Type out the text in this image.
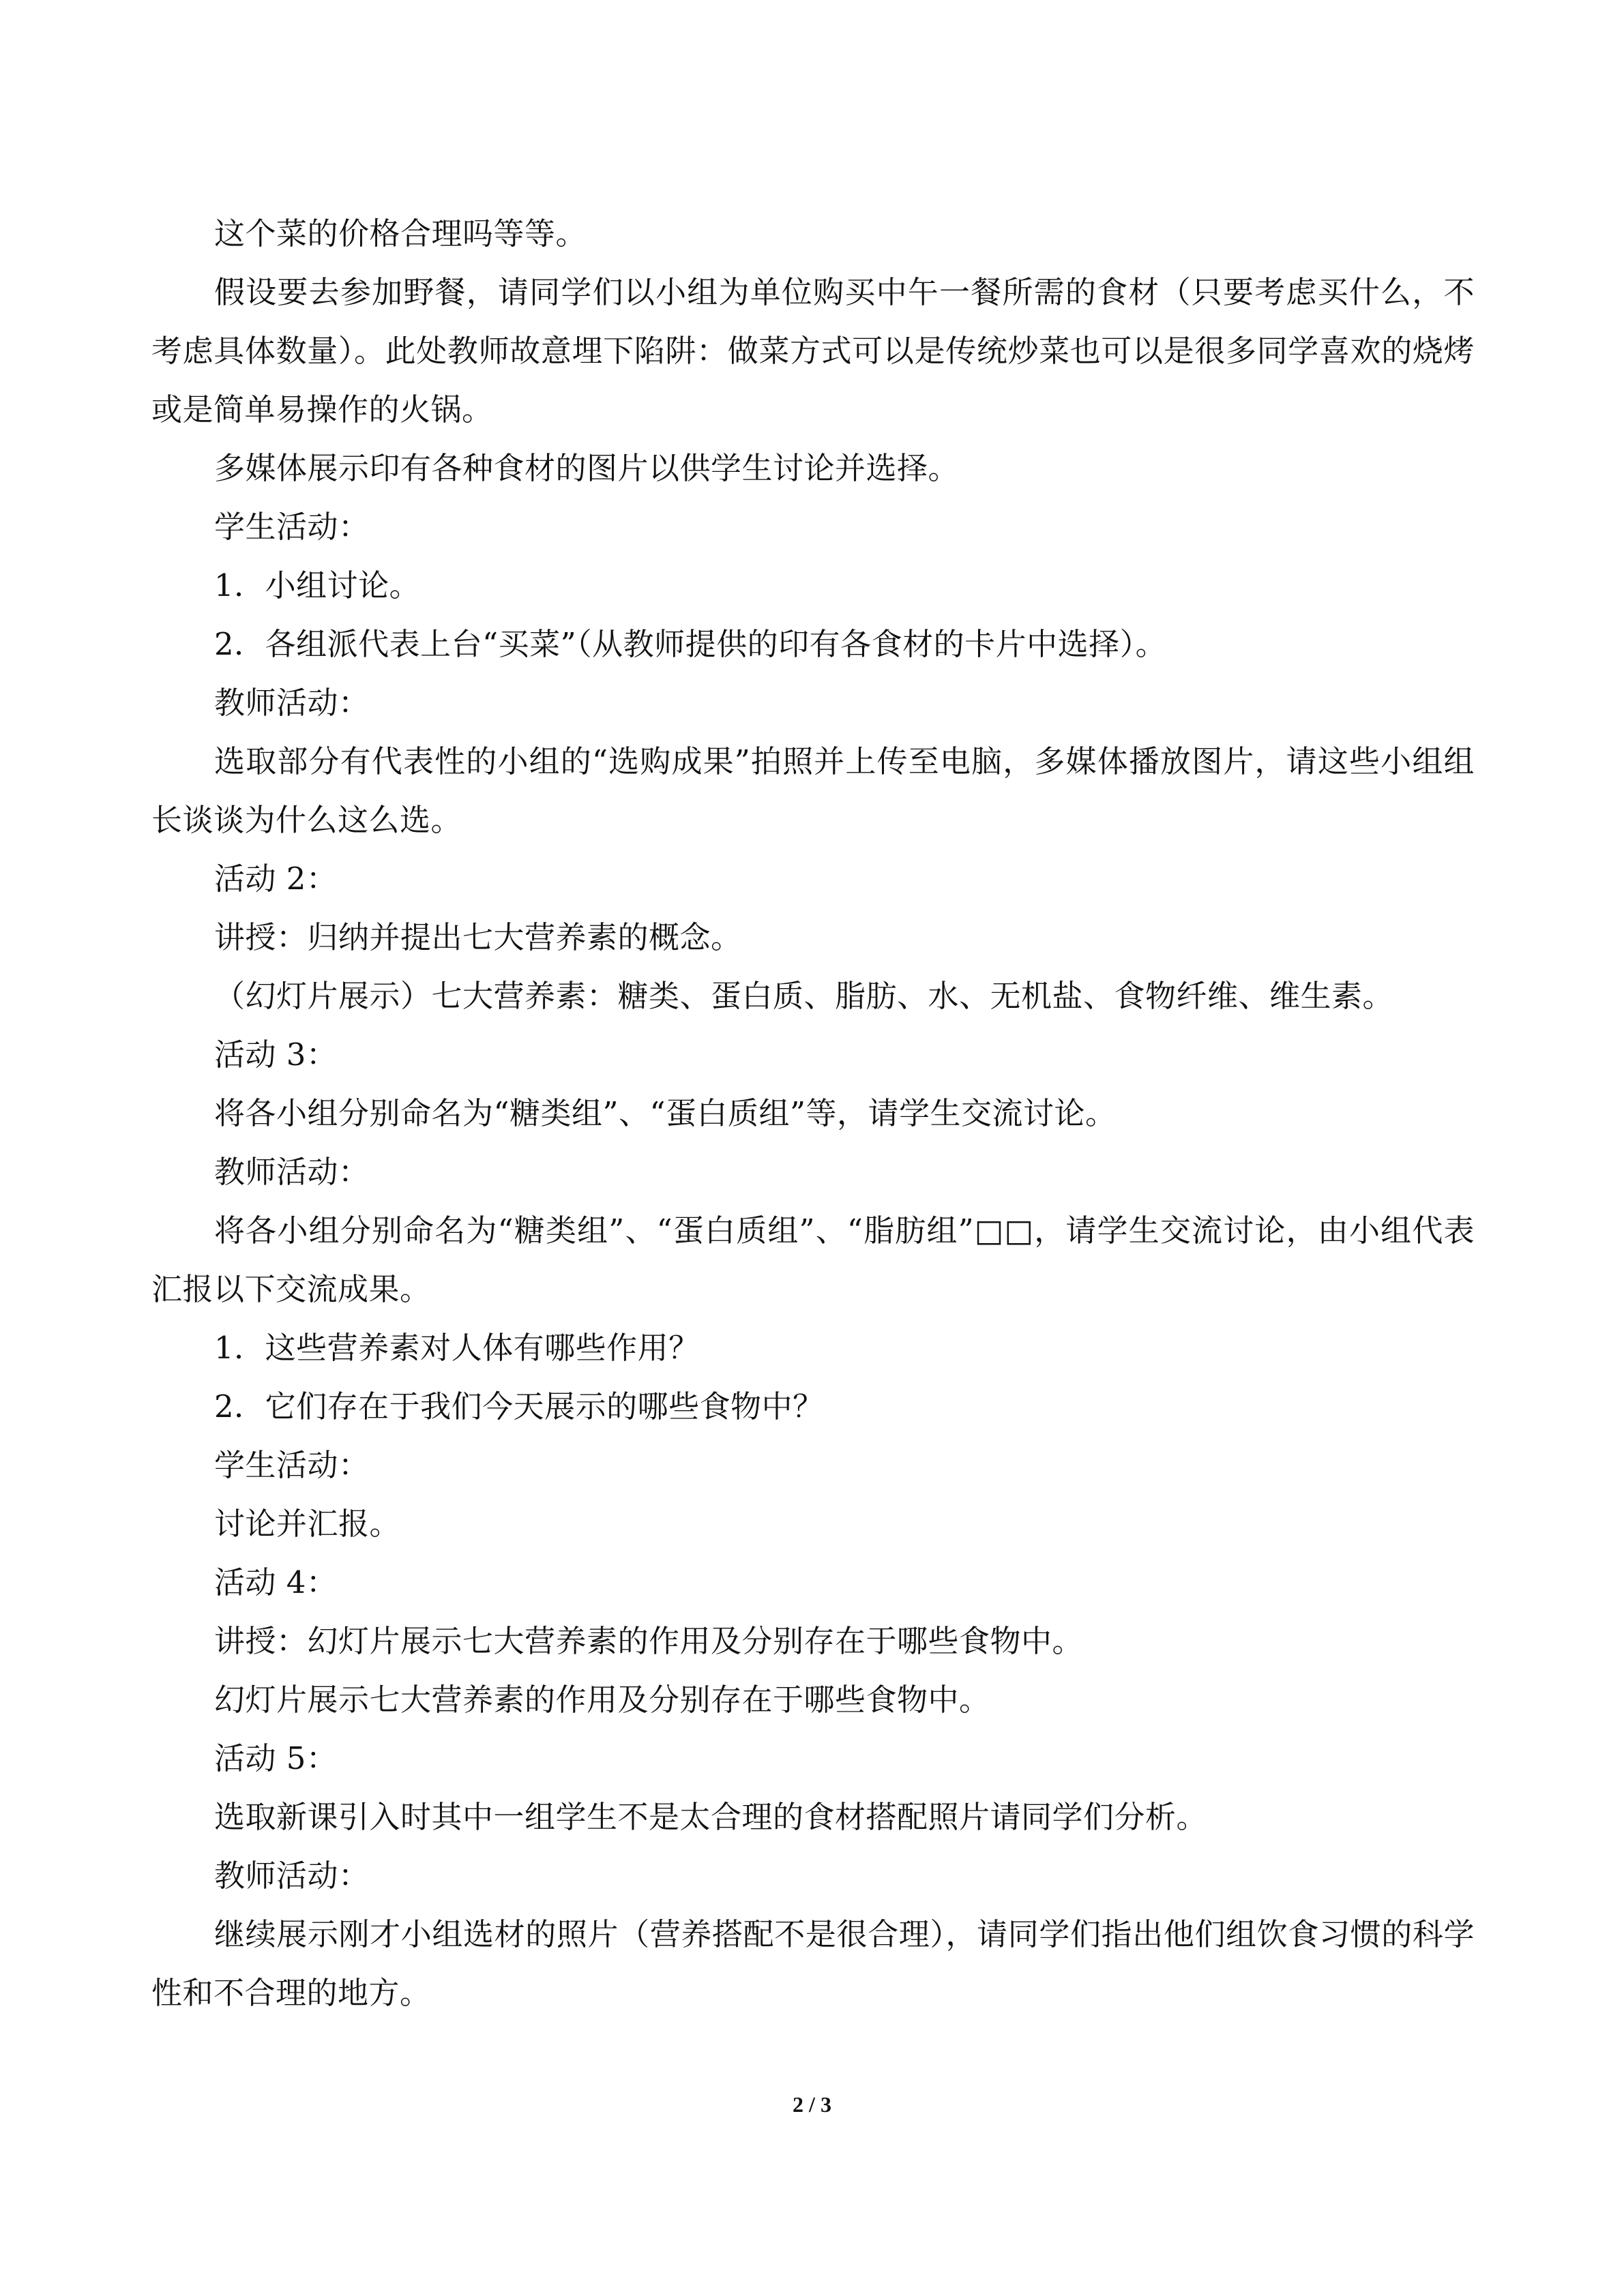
这个菜的价格合理吗等等。

假设要去参加野餐，请同学们以小组为单位购买中午一餐所需的食材（只要考虑买什么，不考虑具体数量）。此处教师故意埋下陷阱：做菜方式可以是传统炒菜也可以是很多同学喜欢的烧烤或是简单易操作的火锅。

多媒体展示印有各种食材的图片以供学生讨论并选择。

学生活动：

1．小组讨论。

2．各组派代表上台“买菜”（从教师提供的印有各食材的卡片中选择）。

教师活动：

选取部分有代表性的小组的“选购成果”拍照并上传至电脑，多媒体播放图片，请这些小组组长谈谈为什么这么选。

活动 2：

讲授：归纳并提出七大营养素的概念。

（幻灯片展示）七大营养素：糖类、蛋白质、脂肪、水、无机盐、食物纤维、维生素。

活动 3：

将各小组分别命名为“糖类组”、“蛋白质组”等，请学生交流讨论。

教师活动：

将各小组分别命名为“糖类组”、“蛋白质组”、“脂肪组”□□，请学生交流讨论，由小组代表汇报以下交流成果。

1．这些营养素对人体有哪些作用？

2．它们存在于我们今天展示的哪些食物中？

学生活动：

讨论并汇报。

活动 4：

讲授：幻灯片展示七大营养素的作用及分别存在于哪些食物中。

幻灯片展示七大营养素的作用及分别存在于哪些食物中。

活动 5：

选取新课引入时其中一组学生不是太合理的食材搭配照片请同学们分析。

教师活动：

继续展示刚才小组选材的照片（营养搭配不是很合理），请同学们指出他们组饮食习惯的科学性和不合理的地方。

2 / 3
